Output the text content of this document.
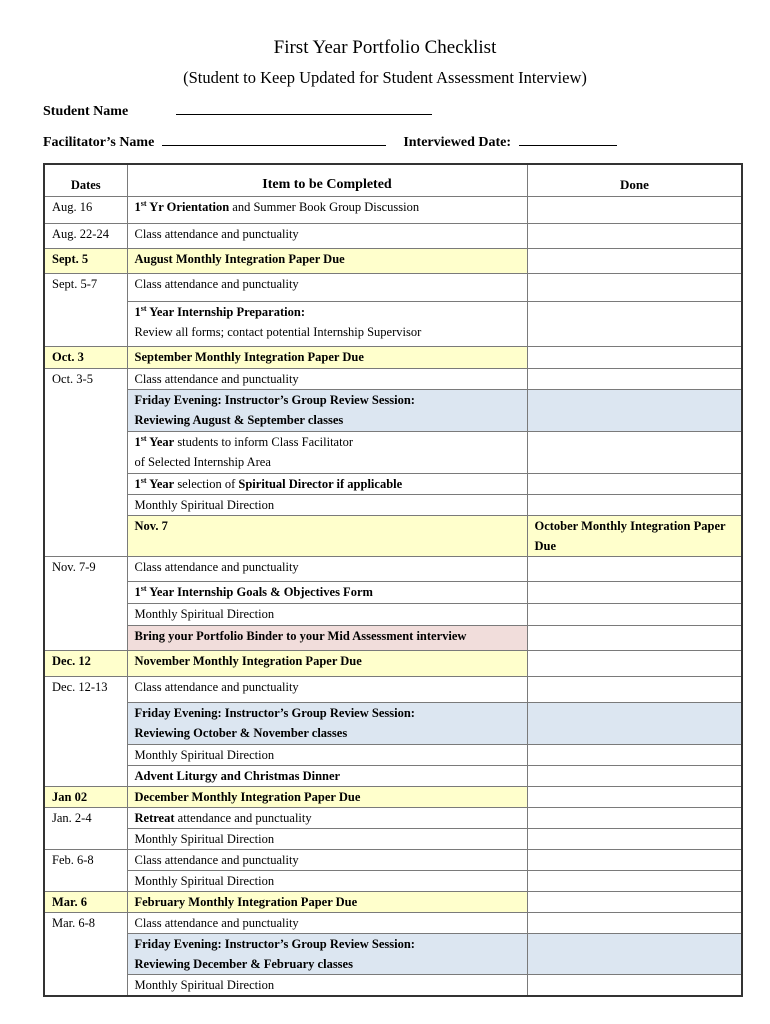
First Year Portfolio Checklist
(Student to Keep Updated for Student Assessment Interview)
Student Name
Facilitator’s Name	Interviewed Date:
Dates	Item to be Completed	Done	
Aug. 16	1st Yr Orientation and Summer Book Group Discussion		
Aug. 22-24	Class attendance and punctuality		
Sept. 5	August Monthly Integration Paper Due		
Sept. 5-7	Class attendance and punctuality		
	1st Year Internship Preparation:
Review all forms; contact potential Internship Supervisor		
Oct. 3	September Monthly Integration Paper Due		
Oct. 3-5	Class attendance and punctuality		
	Friday Evening: Instructor’s Group Review Session:
Reviewing August & September classes		
	1st Year students to inform Class Facilitator
of Selected Internship Area		
	1st Year selection of Spiritual Director if applicable		
	Monthly Spiritual Direction		
	Nov. 7	October Monthly Integration Paper Due	
Nov. 7-9	Class attendance and punctuality		
	1st Year Internship Goals & Objectives Form		
	Monthly Spiritual Direction		
	Bring your Portfolio Binder to your Mid Assessment interview		
Dec. 12	November Monthly Integration Paper Due		
Dec. 12-13	Class attendance and punctuality		
	Friday Evening: Instructor’s Group Review Session:
Reviewing October & November classes		
	Monthly Spiritual Direction		
	Advent Liturgy and Christmas Dinner		
Jan 02	December Monthly Integration Paper Due		
Jan. 2-4	Retreat attendance and punctuality		
	Monthly Spiritual Direction		
Feb. 6-8	Class attendance and punctuality		
	Monthly Spiritual Direction		
Mar. 6	February Monthly Integration Paper Due		
Mar. 6-8	Class attendance and punctuality		
	Friday Evening: Instructor’s Group Review Session:
Reviewing December & February classes		
	Monthly Spiritual Direction		
